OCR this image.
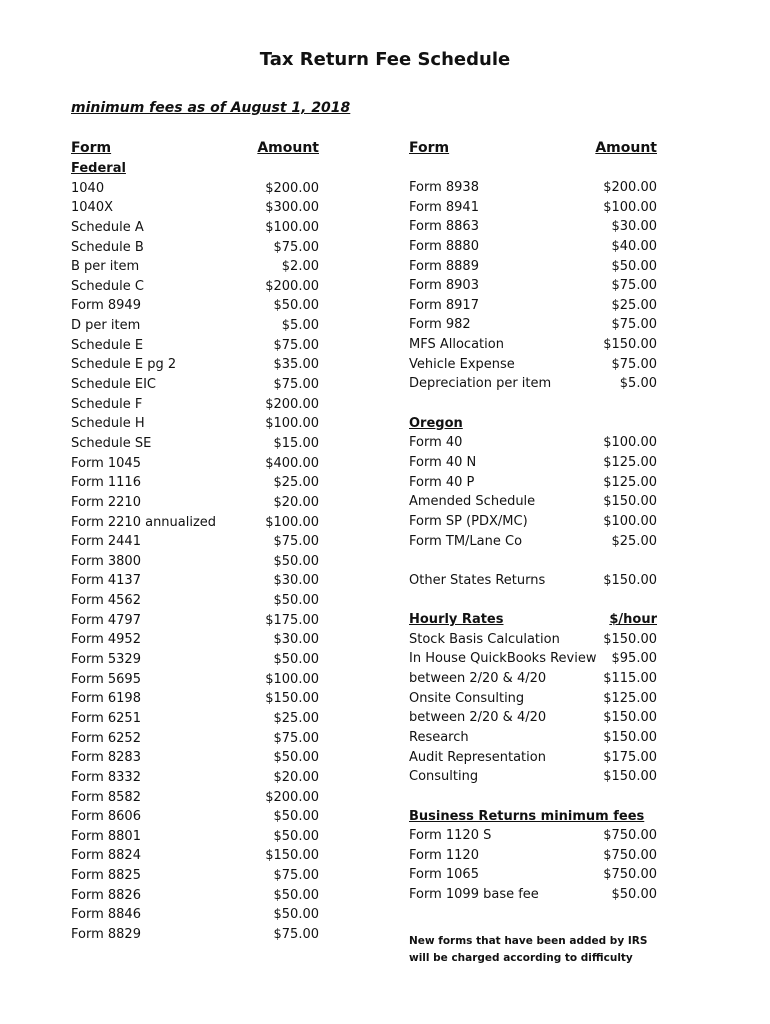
Tax Return Fee Schedule
minimum fees as of August 1, 2018
Form	Amount	Form	Amount
Federal
1040	$200.00
1040X	$300.00
Schedule A	$100.00
Schedule B	$75.00
B per item	$2.00
Schedule C	$200.00
Form 8949	$50.00
D per item	$5.00
Schedule E	$75.00
Schedule E pg 2	$35.00
Schedule EIC	$75.00
Schedule F	$200.00
Schedule H	$100.00
Schedule SE	$15.00
Form 1045	$400.00
Form 1116	$25.00
Form 2210	$20.00
Form 2210 annualized	$100.00
Form 2441	$75.00
Form 3800	$50.00
Form 4137	$30.00
Form 4562	$50.00
Form 4797	$175.00
Form 4952	$30.00
Form 5329	$50.00
Form 5695	$100.00
Form 6198	$150.00
Form 6251	$25.00
Form 6252	$75.00
Form 8283	$50.00
Form 8332	$20.00
Form 8582	$200.00
Form 8606	$50.00
Form 8801	$50.00
Form 8824	$150.00
Form 8825	$75.00
Form 8826	$50.00
Form 8846	$50.00
Form 8829	$75.00
Form 8938	$200.00
Form 8941	$100.00
Form 8863	$30.00
Form 8880	$40.00
Form 8889	$50.00
Form 8903	$75.00
Form 8917	$25.00
Form 982	$75.00
MFS Allocation	$150.00
Vehicle Expense	$75.00
Depreciation per item	$5.00
Oregon
Form 40	$100.00
Form 40 N	$125.00
Form 40 P	$125.00
Amended Schedule	$150.00
Form SP (PDX/MC)	$100.00
Form TM/Lane Co	$25.00
Other States Returns	$150.00
Hourly Rates	$/hour
Stock Basis Calculation	$150.00
In House QuickBooks Review $95.00
between 2/20 & 4/20	$115.00
Onsite Consulting	$125.00
between 2/20 & 4/20	$150.00
Research	$150.00
Audit Representation	$175.00
Consulting	$150.00
Business Returns minimum fees
Form 1120 S	$750.00
Form 1120	$750.00
Form 1065	$750.00
Form 1099 base fee	$50.00
New forms that have been added by IRS will be charged according to difficulty
